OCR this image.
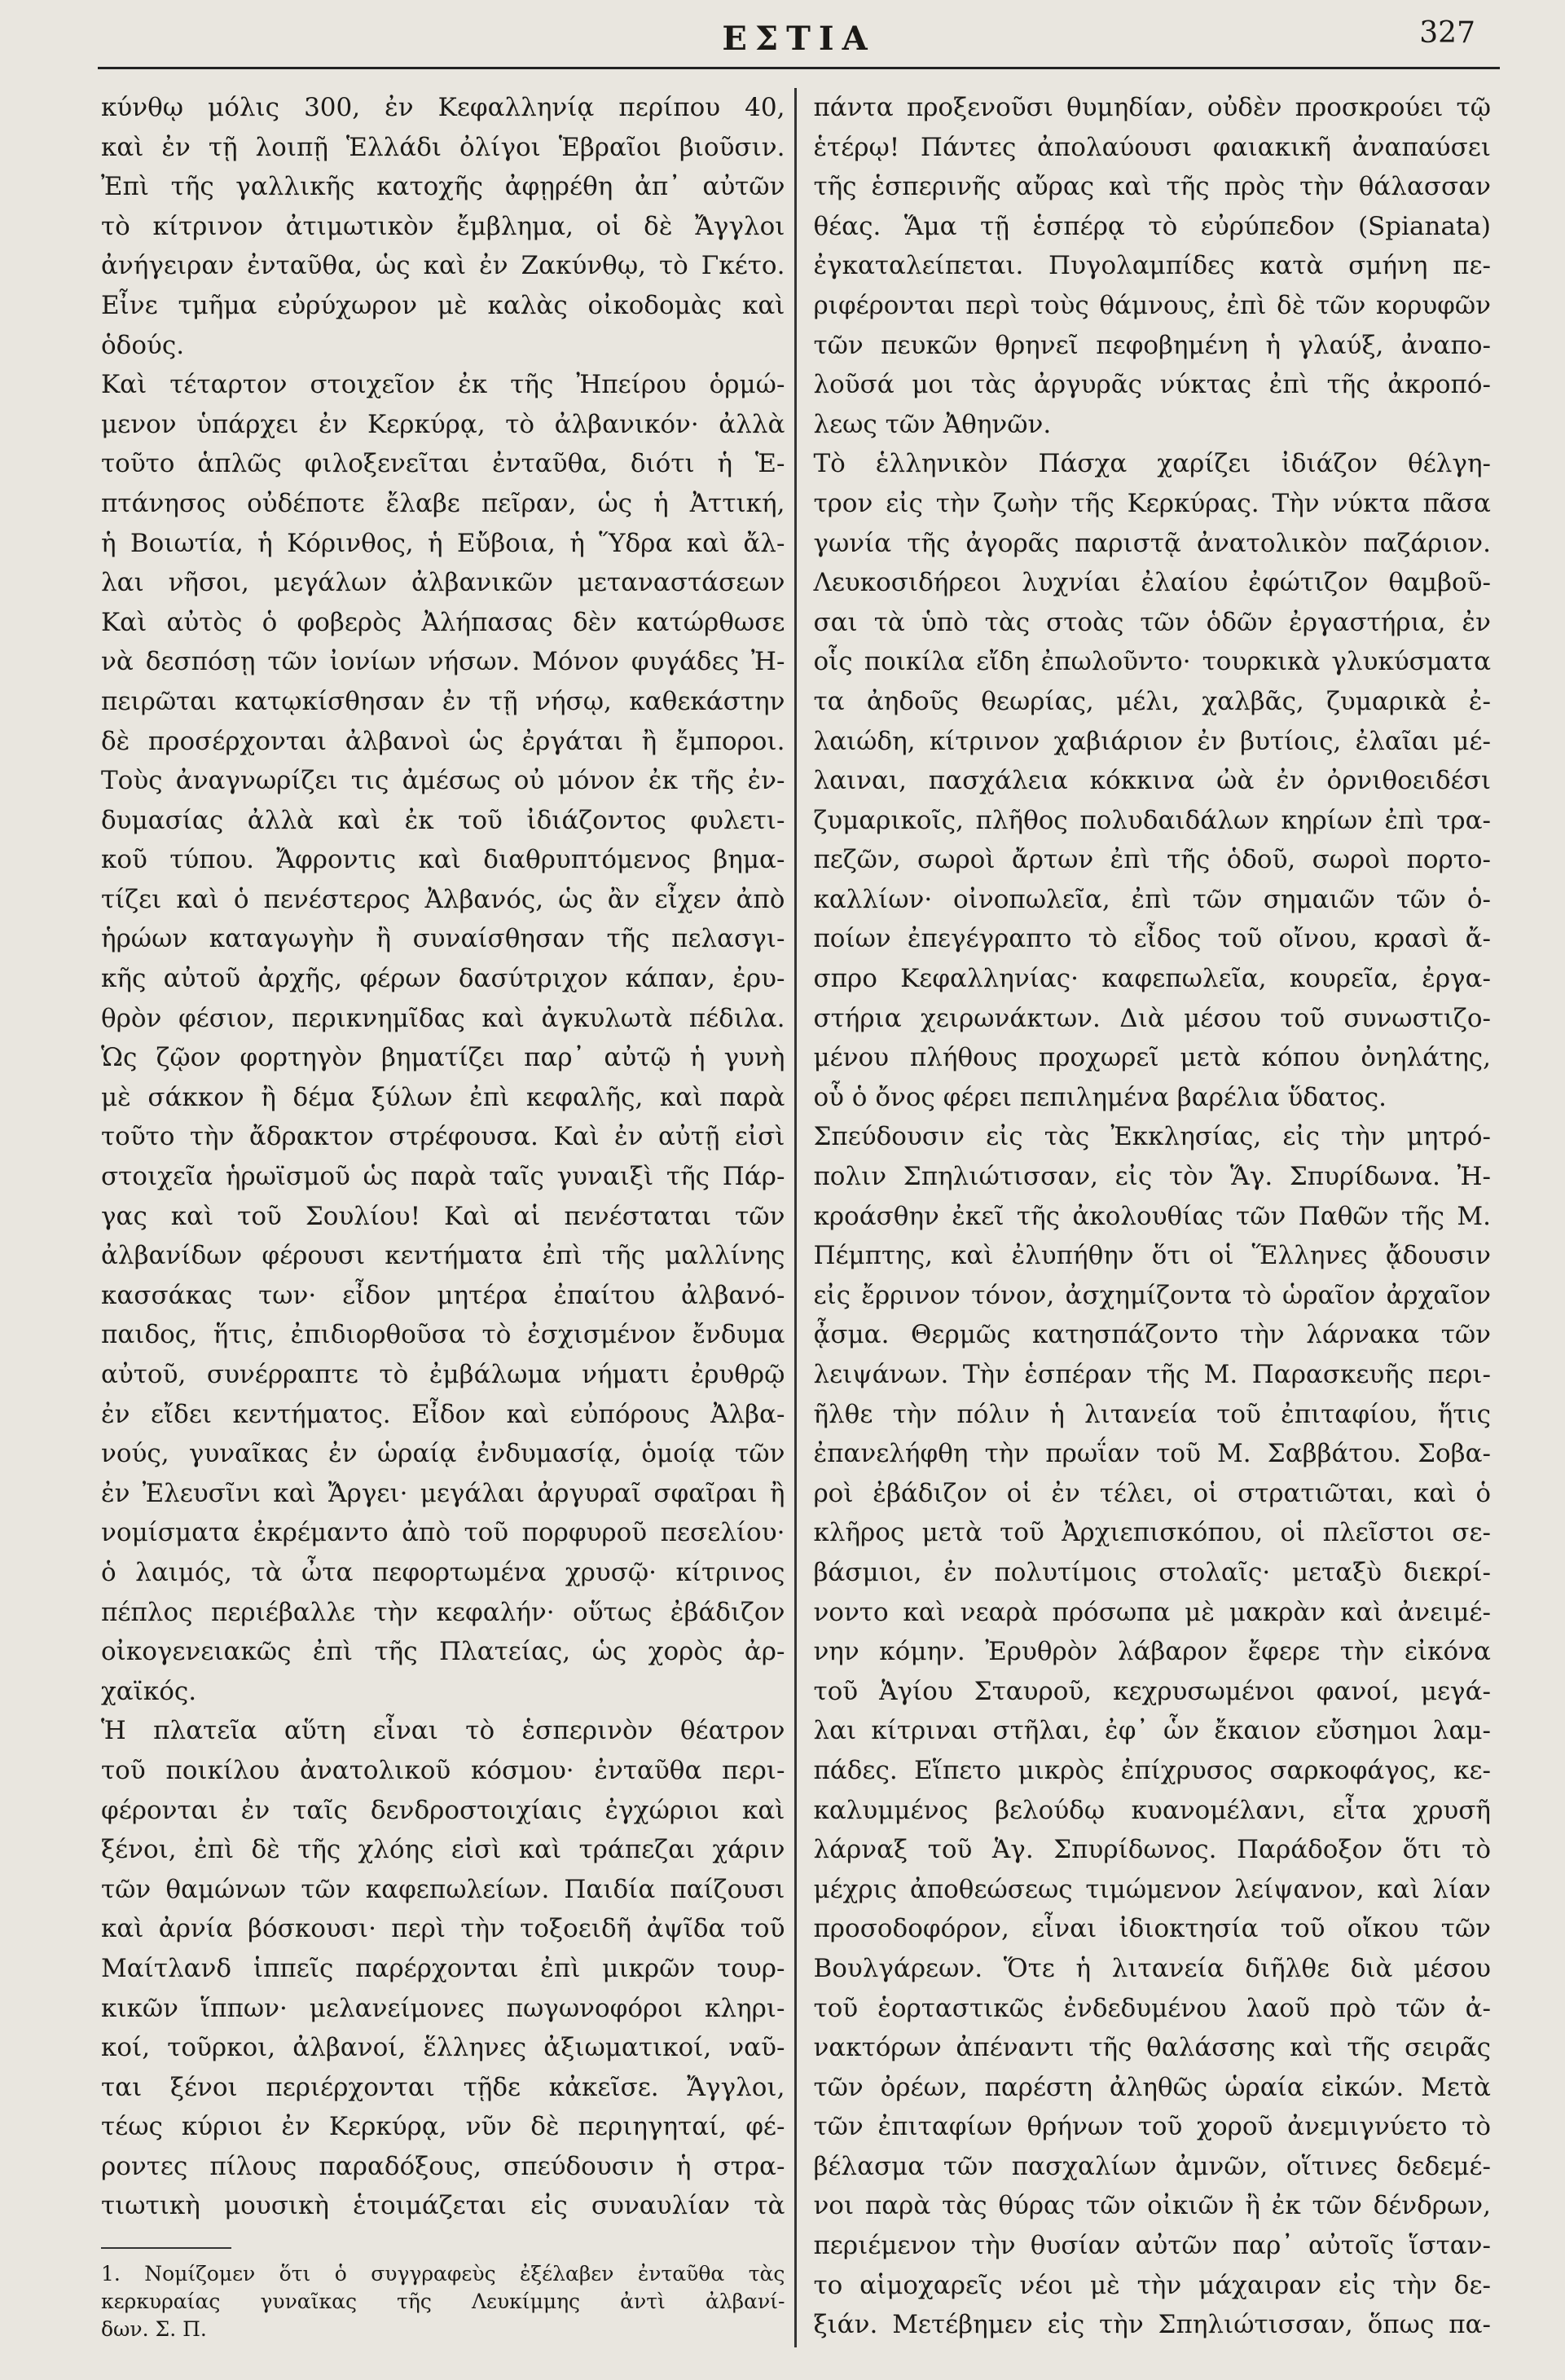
ΕΣΤΙΑ	327
κύνθῳ μόλις 300, ἐν Κεφαλληνίᾳ περίπου 40,
καὶ ἐν τῇ λοιπῇ Ἑλλάδι ὀλίγοι Ἑβραῖοι βιοῦσιν.
Ἐπὶ τῆς γαλλικῆς κατοχῆς ἀφῃρέθη ἀπ᾽ αὐτῶν
τὸ κίτρινον ἀτιμωτικὸν ἔμβλημα, οἱ δὲ Ἄγγλοι
ἀνήγειραν ἐνταῦθα, ὡς καὶ ἐν Ζακύνθῳ, τὸ Γκέτο.
Εἶνε τμῆμα εὐρύχωρον μὲ καλὰς οἰκοδομὰς καὶ
ὁδούς.
Καὶ τέταρτον στοιχεῖον ἐκ τῆς Ἠπείρου ὁρμώ-
μενον ὑπάρχει ἐν Κερκύρᾳ, τὸ ἀλβανικόν· ἀλλὰ
τοῦτο ἁπλῶς φιλοξενεῖται ἐνταῦθα, διότι ἡ Ἑ-
πτάνησος οὐδέποτε ἔλαβε πεῖραν, ὡς ἡ Ἀττική,
ἡ Βοιωτία, ἡ Κόρινθος, ἡ Εὔβοια, ἡ Ὕδρα καὶ ἄλ-
λαι νῆσοι, μεγάλων ἀλβανικῶν μεταναστάσεων
Καὶ αὐτὸς ὁ φοβερὸς Ἀλήπασας δὲν κατώρθωσε
νὰ δεσπόσῃ τῶν ἰονίων νήσων. Μόνον φυγάδες Ἠ-
πειρῶται κατῳκίσθησαν ἐν τῇ νήσῳ, καθεκάστην
δὲ προσέρχονται ἀλβανοὶ ὡς ἐργάται ἢ ἔμποροι.
Τοὺς ἀναγνωρίζει τις ἀμέσως οὐ μόνον ἐκ τῆς ἐν-
δυμασίας ἀλλὰ καὶ ἐκ τοῦ ἰδιάζοντος φυλετι-
κοῦ τύπου. Ἄφροντις καὶ διαθρυπτόμενος βημα-
τίζει καὶ ὁ πενέστερος Ἀλβανός, ὡς ἂν εἶχεν ἀπὸ
ἡρώων καταγωγὴν ἢ συναίσθησαν τῆς πελασγι-
κῆς αὐτοῦ ἀρχῆς, φέρων δασύτριχον κάπαν, ἐρυ-
θρὸν φέσιον, περικνημῖδας καὶ ἀγκυλωτὰ πέδιλα.
Ὡς ζῷον φορτηγὸν βηματίζει παρ᾽ αὐτῷ ἡ γυνὴ
μὲ σάκκον ἢ δέμα ξύλων ἐπὶ κεφαλῆς, καὶ παρὰ
τοῦτο τὴν ἄδρακτον στρέφουσα. Καὶ ἐν αὐτῇ εἰσὶ
στοιχεῖα ἡρωϊσμοῦ ὡς παρὰ ταῖς γυναιξὶ τῆς Πάρ-
γας καὶ τοῦ Σουλίου! Καὶ αἱ πενέσταται τῶν
ἀλβανίδων φέρουσι κεντήματα ἐπὶ τῆς μαλλίνης
κασσάκας των· εἶδον μητέρα ἐπαίτου ἀλβανό-
παιδος, ἥτις, ἐπιδιορθοῦσα τὸ ἐσχισμένον ἔνδυμα
αὐτοῦ, συνέρραπτε τὸ ἐμβάλωμα νήματι ἐρυθρῷ
ἐν εἴδει κεντήματος. Εἶδον καὶ εὐπόρους Ἀλβα-
νούς, γυναῖκας ἐν ὡραίᾳ ἐνδυμασίᾳ, ὁμοίᾳ τῶν
ἐν Ἐλευσῖνι καὶ Ἄργει· μεγάλαι ἀργυραῖ σφαῖραι ἢ
νομίσματα ἐκρέμαντο ἀπὸ τοῦ πορφυροῦ πεσελίου·
ὁ λαιμός, τὰ ὦτα πεφορτωμένα χρυσῷ· κίτρινος
πέπλος περιέβαλλε τὴν κεφαλήν· οὕτως ἐβάδιζον
οἰκογενειακῶς ἐπὶ τῆς Πλατείας, ὡς χορὸς ἀρ-
χαϊκός.
Ἡ πλατεῖα αὕτη εἶναι τὸ ἑσπερινὸν θέατρον
τοῦ ποικίλου ἀνατολικοῦ κόσμου· ἐνταῦθα περι-
φέρονται ἐν ταῖς δενδροστοιχίαις ἐγχώριοι καὶ
ξένοι, ἐπὶ δὲ τῆς χλόης εἰσὶ καὶ τράπεζαι χάριν
τῶν θαμώνων τῶν καφεπωλείων. Παιδία παίζουσι
καὶ ἀρνία βόσκουσι· περὶ τὴν τοξοειδῆ ἀψῖδα τοῦ
Μαίτλανδ ἱππεῖς παρέρχονται ἐπὶ μικρῶν τουρ-
κικῶν ἵππων· μελανείμονες πωγωνοφόροι κληρι-
κοί, τοῦρκοι, ἀλβανοί, ἕλληνες ἀξιωματικοί, ναῦ-
ται ξένοι περιέρχονται τῇδε κἀκεῖσε. Ἄγγλοι,
τέως κύριοι ἐν Κερκύρᾳ, νῦν δὲ περιηγηταί, φέ-
ροντες πίλους παραδόξους, σπεύδουσιν ἡ στρα-
τιωτικὴ μουσικὴ ἑτοιμάζεται εἰς συναυλίαν τὰ
1. Νομίζομεν ὅτι ὁ συγγραφεὺς ἐξέλαβεν ἐνταῦθα τὰς
κερκυραίας γυναῖκας τῆς Λευκίμμης ἀντὶ ἀλβανί-
δων. Σ. Π.
πάντα προξενοῦσι θυμηδίαν, οὐδὲν προσκρούει τῷ
ἑτέρῳ! Πάντες ἀπολαύουσι φαιακικῆ ἀναπαύσει
τῆς ἑσπερινῆς αὔρας καὶ τῆς πρὸς τὴν θάλασσαν
θέας. Ἅμα τῇ ἑσπέρᾳ τὸ εὐρύπεδον (Spianata)
ἐγκαταλείπεται. Πυγολαμπίδες κατὰ σμήνη πε-
ριφέρονται περὶ τοὺς θάμνους, ἐπὶ δὲ τῶν κορυφῶν
τῶν πευκῶν θρηνεῖ πεφοβημένη ἡ γλαύξ, ἀναπο-
λοῦσά μοι τὰς ἀργυρᾶς νύκτας ἐπὶ τῆς ἀκροπό-
λεως τῶν Ἀθηνῶν.
Τὸ ἑλληνικὸν Πάσχα χαρίζει ἰδιάζον θέλγη-
τρον εἰς τὴν ζωὴν τῆς Κερκύρας. Τὴν νύκτα πᾶσα
γωνία τῆς ἀγορᾶς παριστᾷ ἀνατολικὸν παζάριον.
Λευκοσιδήρεοι λυχνίαι ἐλαίου ἐφώτιζον θαμβοῦ-
σαι τὰ ὑπὸ τὰς στοὰς τῶν ὁδῶν ἐργαστήρια, ἐν
οἷς ποικίλα εἴδη ἐπωλοῦντο· τουρκικὰ γλυκύσματα
τα ἀηδοῦς θεωρίας, μέλι, χαλβᾶς, ζυμαρικὰ ἐ-
λαιώδη, κίτρινον χαβιάριον ἐν βυτίοις, ἐλαῖαι μέ-
λαιναι, πασχάλεια κόκκινα ὠὰ ἐν ὀρνιθοειδέσι
ζυμαρικοῖς, πλῆθος πολυδαιδάλων κηρίων ἐπὶ τρα-
πεζῶν, σωροὶ ἄρτων ἐπὶ τῆς ὁδοῦ, σωροὶ πορτο-
καλλίων· οἰνοπωλεῖα, ἐπὶ τῶν σημαιῶν τῶν ὁ-
ποίων ἐπεγέγραπτο τὸ εἶδος τοῦ οἴνου, κρασὶ ἄ-
σπρο Κεφαλληνίας· καφεπωλεῖα, κουρεῖα, ἐργα-
στήρια χειρωνάκτων. Διὰ μέσου τοῦ συνωστιζο-
μένου πλήθους προχωρεῖ μετὰ κόπου ὀνηλάτης,
οὗ ὁ ὄνος φέρει πεπιλημένα βαρέλια ὕδατος.
Σπεύδουσιν εἰς τὰς Ἐκκλησίας, εἰς τὴν μητρό-
πολιν Σπηλιώτισσαν, εἰς τὸν Ἅγ. Σπυρίδωνα. Ἠ-
κροάσθην ἐκεῖ τῆς ἀκολουθίας τῶν Παθῶν τῆς Μ.
Πέμπτης, καὶ ἐλυπήθην ὅτι οἱ Ἕλληνες ᾄδουσιν
εἰς ἔρρινον τόνον, ἀσχημίζοντα τὸ ὡραῖον ἀρχαῖον
ᾆσμα. Θερμῶς κατησπάζοντο τὴν λάρνακα τῶν
λειψάνων. Τὴν ἑσπέραν τῆς Μ. Παρασκευῆς περι-
ῆλθε τὴν πόλιν ἡ λιτανεία τοῦ ἐπιταφίου, ἥτις
ἐπανελήφθη τὴν πρωΐαν τοῦ Μ. Σαββάτου. Σοβα-
ροὶ ἐβάδιζον οἱ ἐν τέλει, οἱ στρατιῶται, καὶ ὁ
κλῆρος μετὰ τοῦ Ἀρχιεπισκόπου, οἱ πλεῖστοι σε-
βάσμιοι, ἐν πολυτίμοις στολαῖς· μεταξὺ διεκρί-
νοντο καὶ νεαρὰ πρόσωπα μὲ μακρὰν καὶ ἀνειμέ-
νην κόμην. Ἐρυθρὸν λάβαρον ἔφερε τὴν εἰκόνα
τοῦ Ἁγίου Σταυροῦ, κεχρυσωμένοι φανοί, μεγά-
λαι κίτριναι στῆλαι, ἐφ᾽ ὧν ἔκαιον εὔσημοι λαμ-
πάδες. Εἵπετο μικρὸς ἐπίχρυσος σαρκοφάγος, κε-
καλυμμένος βελούδῳ κυανομέλανι, εἶτα χρυσῆ
λάρναξ τοῦ Ἁγ. Σπυρίδωνος. Παράδοξον ὅτι τὸ
μέχρις ἀποθεώσεως τιμώμενον λείψανον, καὶ λίαν
προσοδοφόρον, εἶναι ἰδιοκτησία τοῦ οἴκου τῶν
Βουλγάρεων. Ὅτε ἡ λιτανεία διῆλθε διὰ μέσου
τοῦ ἑορταστικῶς ἐνδεδυμένου λαοῦ πρὸ τῶν ἀ-
νακτόρων ἀπέναντι τῆς θαλάσσης καὶ τῆς σειρᾶς
τῶν ὀρέων, παρέστη ἀληθῶς ὡραία εἰκών. Μετὰ
τῶν ἐπιταφίων θρήνων τοῦ χοροῦ ἀνεμιγνύετο τὸ
βέλασμα τῶν πασχαλίων ἀμνῶν, οἵτινες δεδεμέ-
νοι παρὰ τὰς θύρας τῶν οἰκιῶν ἢ ἐκ τῶν δένδρων,
περιέμενον τὴν θυσίαν αὐτῶν παρ᾽ αὐτοῖς ἵσταν-
το αἱμοχαρεῖς νέοι μὲ τὴν μάχαιραν εἰς τὴν δε-
ξιάν. Μετέβημεν εἰς τὴν Σπηλιώτισσαν, ὅπως πα-
